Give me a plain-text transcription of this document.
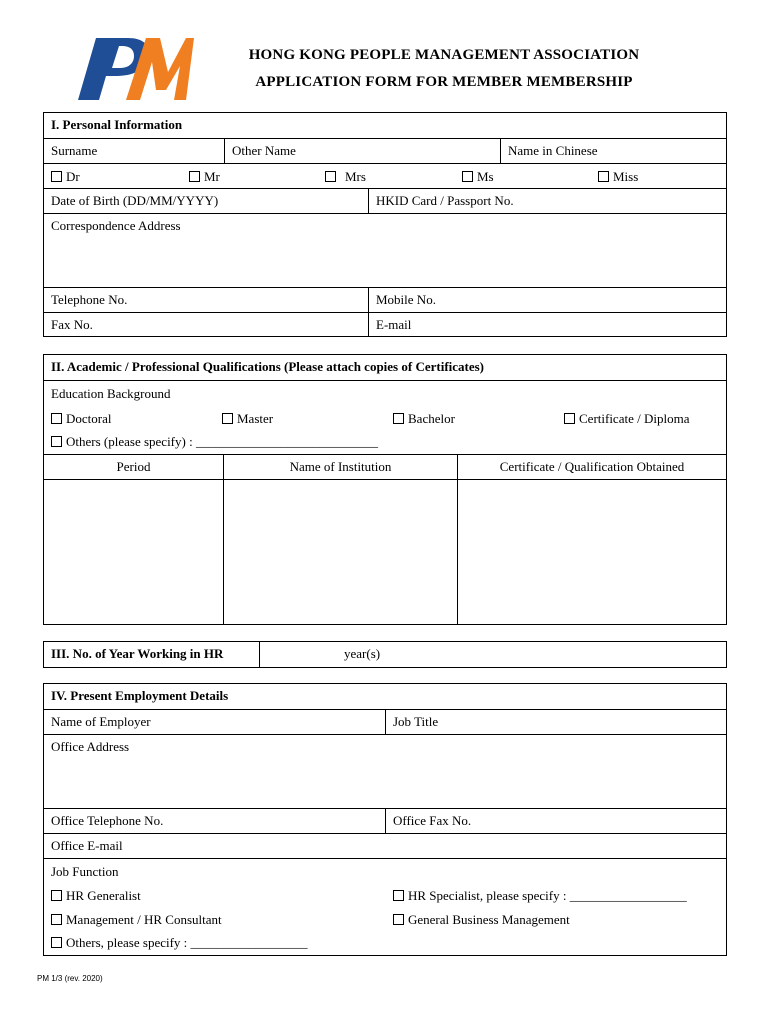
HONG KONG PEOPLE MANAGEMENT ASSOCIATION
APPLICATION FORM FOR MEMBER MEMBERSHIP
I. Personal Information
Surname	Other Name	Name in Chinese
Dr	Mr	Mrs	Ms	Miss
Date of Birth (DD/MM/YYYY)	HKID Card / Passport No.
Correspondence Address
Telephone No.	Mobile No.
Fax No.	E-mail
II. Academic / Professional Qualifications (Please attach copies of Certificates)
Education Background
Doctoral	Master	Bachelor	Certificate / Diploma
Others (please specify) : ____________________________
Period	Name of Institution	Certificate / Qualification Obtained
III. No. of Year Working in HR	year(s)
IV. Present Employment Details
Name of Employer	Job Title
Office Address
Office Telephone No.	Office Fax No.
Office E-mail
Job Function
HR Generalist	HR Specialist, please specify : __________________
Management / HR Consultant	General Business Management
Others, please specify : __________________
PM 1/3 (rev. 2020)
